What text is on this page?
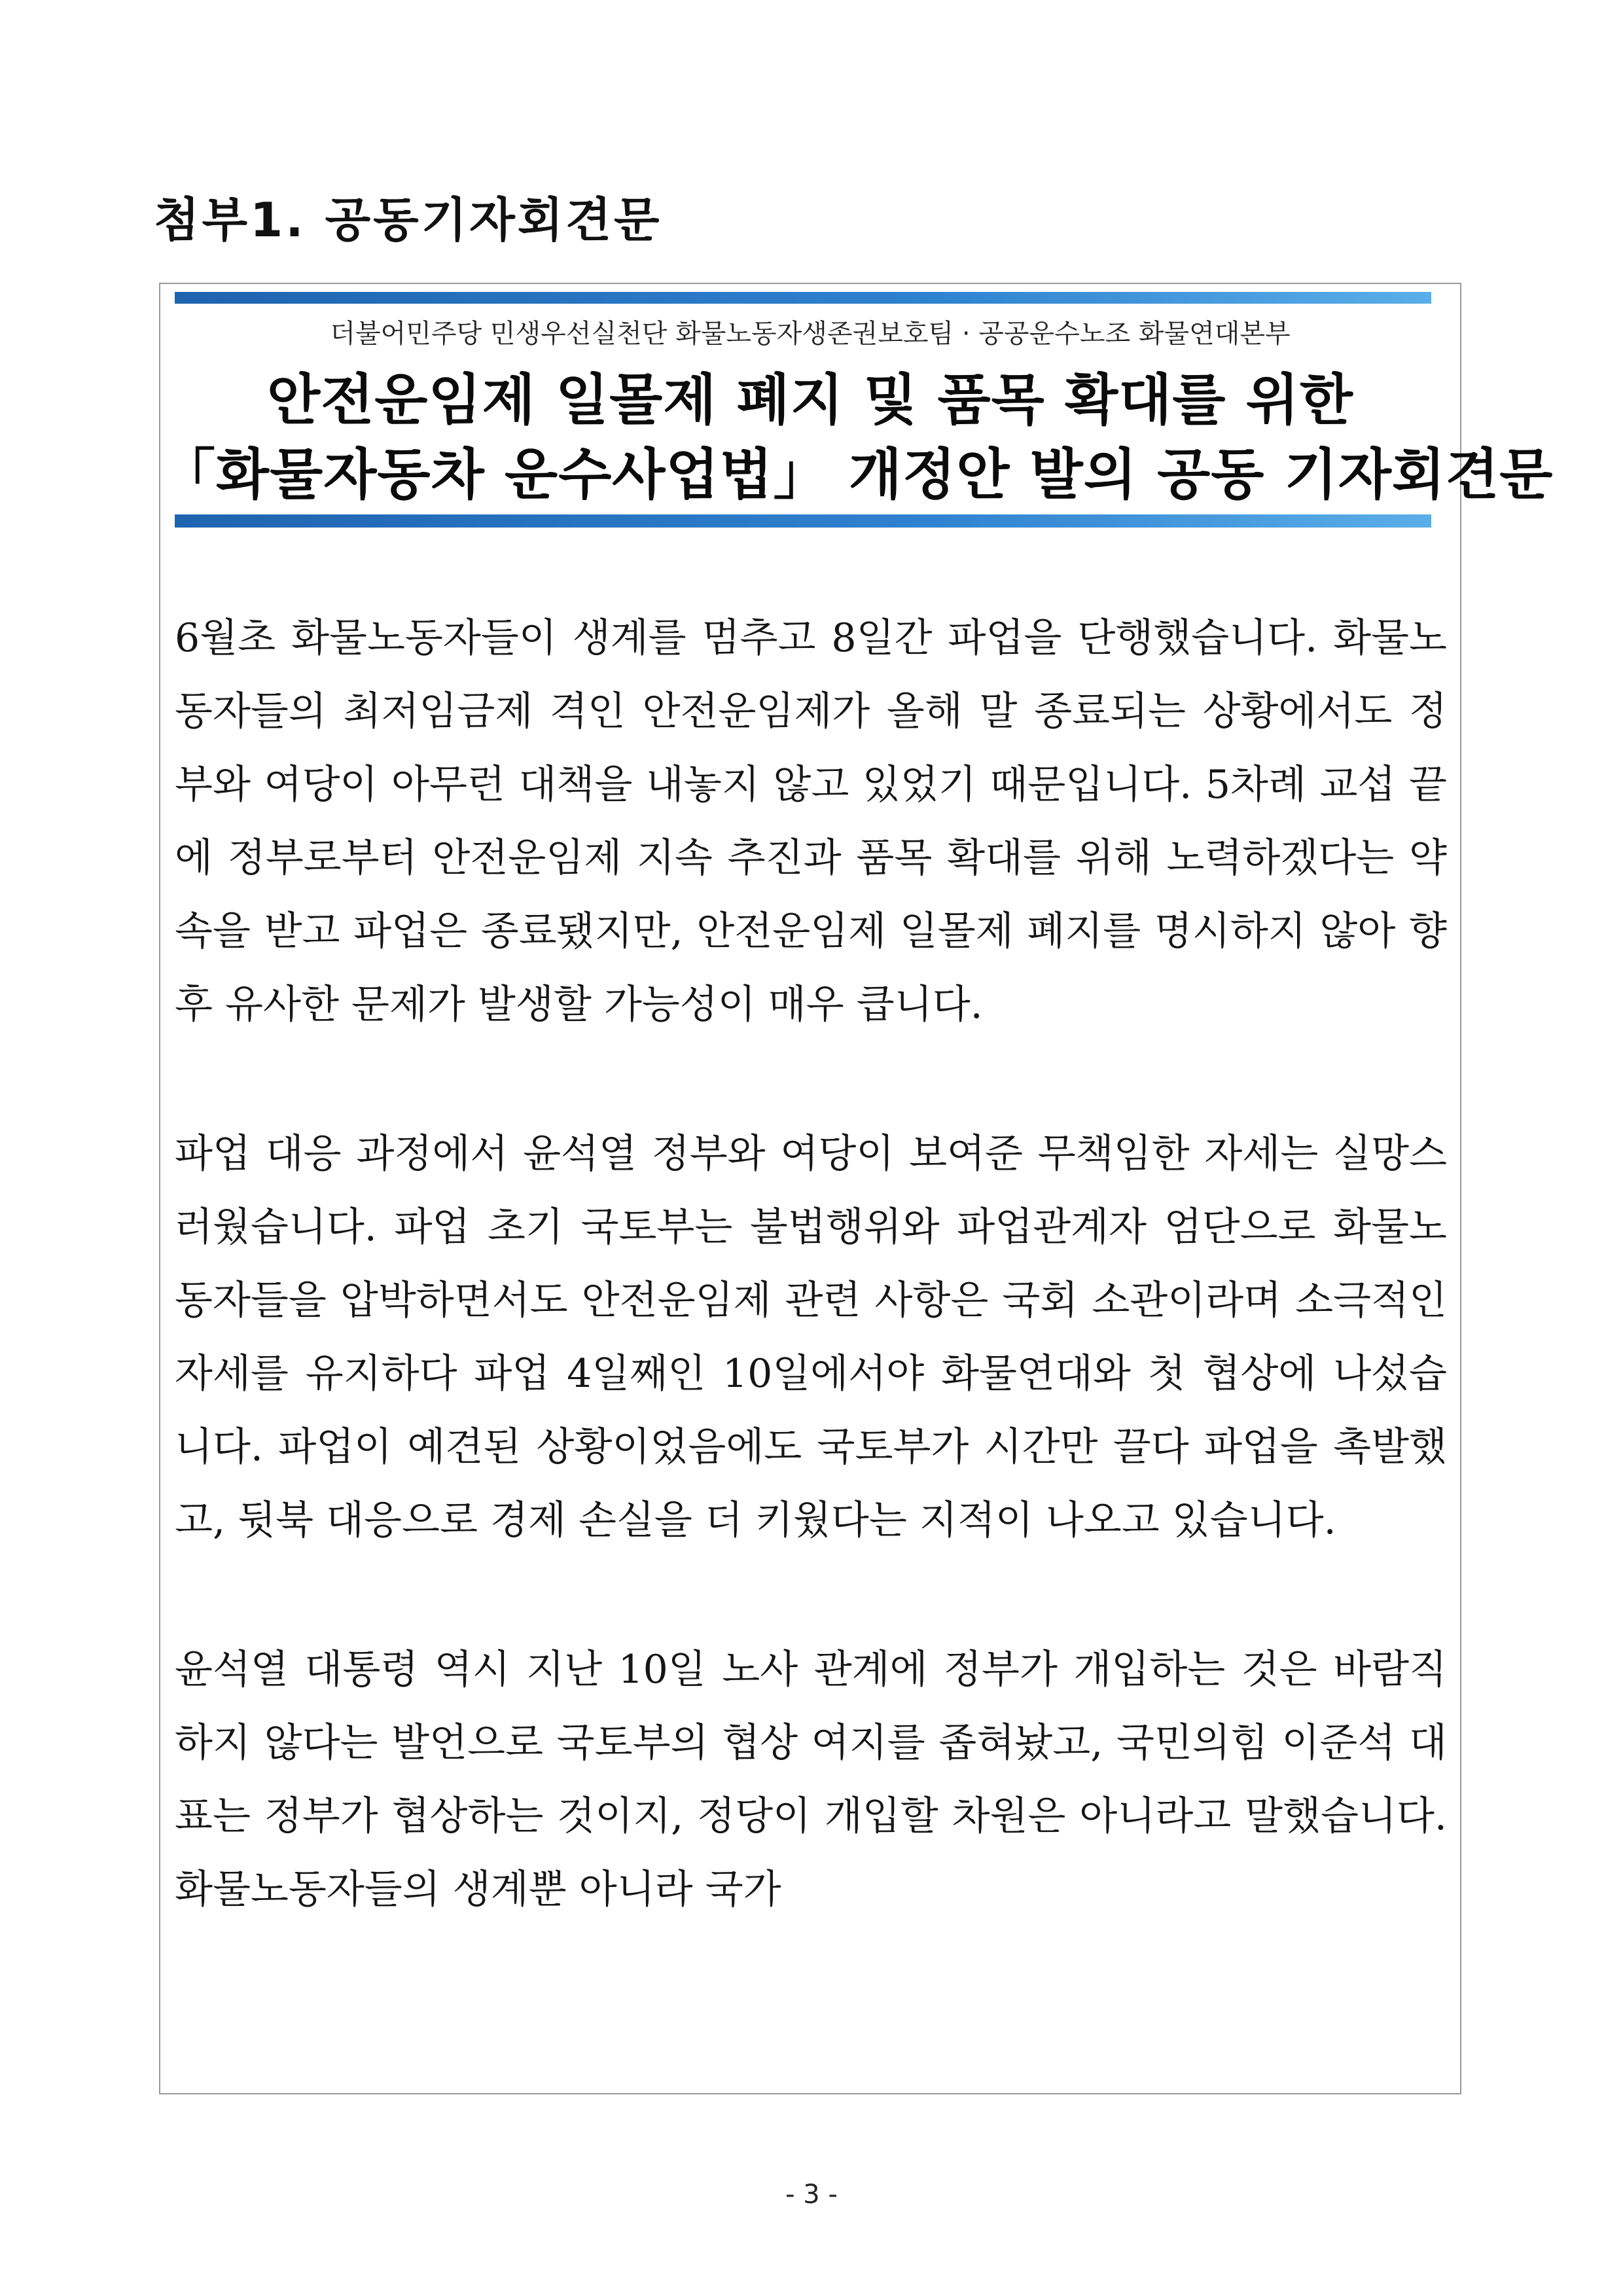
첨부1. 공동기자회견문
더불어민주당 민생우선실천단 화물노동자생존권보호팀 · 공공운수노조 화물연대본부
안전운임제 일몰제 폐지 및 품목 확대를 위한
「화물자동차 운수사업법」 개정안 발의 공동 기자회견문

6월초 화물노동자들이 생계를 멈추고 8일간 파업을 단행했습니다. 화물노동자들의 최저임금제 격인 안전운임제가 올해 말 종료되는 상황에서도 정부와 여당이 아무런 대책을 내놓지 않고 있었기 때문입니다. 5차례 교섭 끝에 정부로부터 안전운임제 지속 추진과 품목 확대를 위해 노력하겠다는 약속을 받고 파업은 종료됐지만, 안전운임제 일몰제 폐지를 명시하지 않아 향후 유사한 문제가 발생할 가능성이 매우 큽니다.

파업 대응 과정에서 윤석열 정부와 여당이 보여준 무책임한 자세는 실망스러웠습니다. 파업 초기 국토부는 불법행위와 파업관계자 엄단으로 화물노동자들을 압박하면서도 안전운임제 관련 사항은 국회 소관이라며 소극적인 자세를 유지하다 파업 4일째인 10일에서야 화물연대와 첫 협상에 나섰습니다. 파업이 예견된 상황이었음에도 국토부가 시간만 끌다 파업을 촉발했고, 뒷북 대응으로 경제 손실을 더 키웠다는 지적이 나오고 있습니다.

윤석열 대통령 역시 지난 10일 노사 관계에 정부가 개입하는 것은 바람직하지 않다는 발언으로 국토부의 협상 여지를 좁혀놨고, 국민의힘 이준석 대표는 정부가 협상하는 것이지, 정당이 개입할 차원은 아니라고 말했습니다. 화물노동자들의 생계뿐 아니라 국가

- 3 -
